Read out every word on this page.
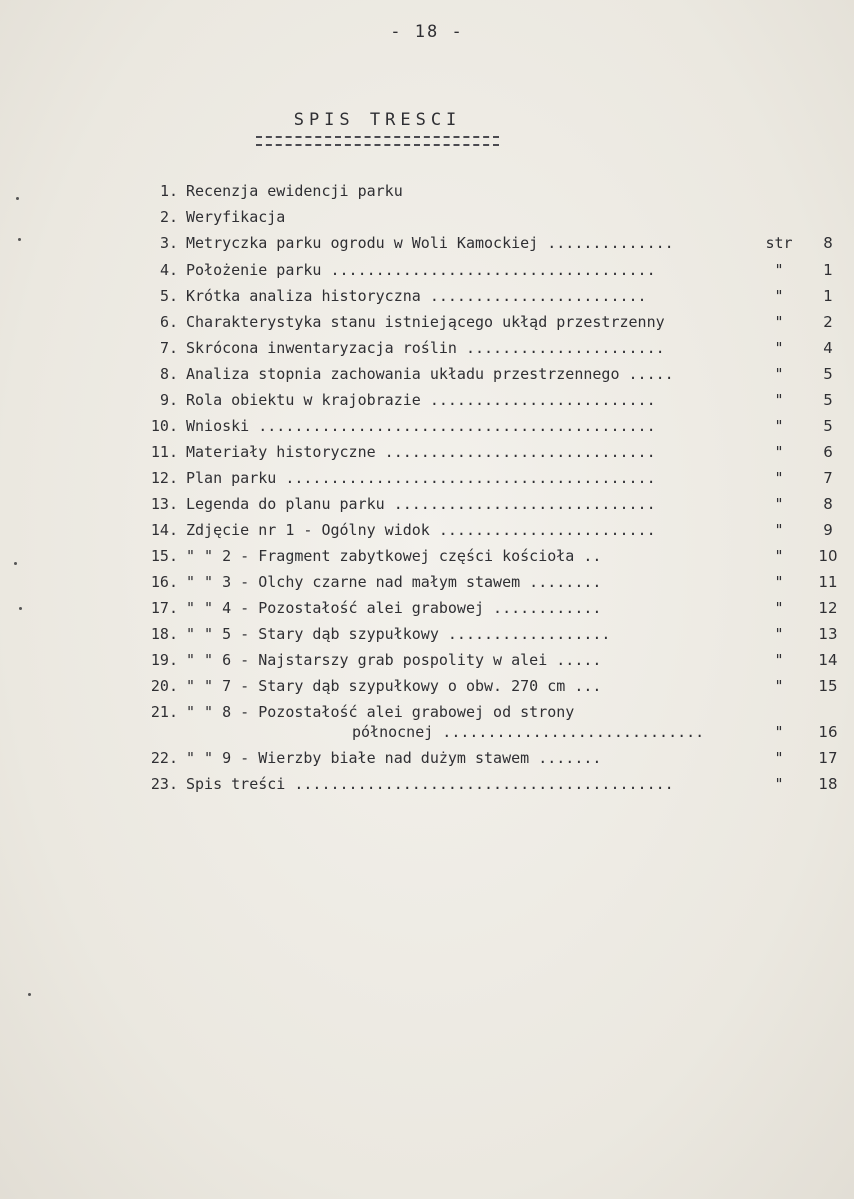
- 18 -
SPIS TRESCI
1. Recenzja ewidencji parku
2. Weryfikacja
3. Metryczka parku ogrodu w Woli Kamockiej ..............	str	8
4. Położenie parku ....................................	"	1
5. Krótka analiza historyczna ........................	"	1
6. Charakterystyka stanu istniejącego ukłąd przestrzenny	"	2
7. Skrócona inwentaryzacja roślin ......................	"	4
8. Analiza stopnia zachowania układu przestrzennego .....	"	5
9. Rola obiektu w krajobrazie .........................	"	5
10. Wnioski ............................................	"	5
11. Materiały historyczne ..............................	"	6
12. Plan parku .........................................	"	7
13. Legenda do planu parku .............................	"	8
14. Zdjęcie nr 1 - Ogólny widok ........................	"	9
15. " " 2 - Fragment zabytkowej części kościoła ..	"	10
16. " " 3 - Olchy czarne nad małym stawem ........	"	11
17. " " 4 - Pozostałość alei grabowej ............	"	12
18. " " 5 - Stary dąb szypułkowy ..................	"	13
19. " " 6 - Najstarszy grab pospolity w alei .....	"	14
20. " " 7 - Stary dąb szypułkowy o obw. 270 cm ...	"	15
21. " " 8 - Pozostałość alei grabowej od strony
północnej .............................	"	16
22. " " 9 - Wierzby białe nad dużym stawem .......	"	17
23. Spis treści ..........................................	"	18
